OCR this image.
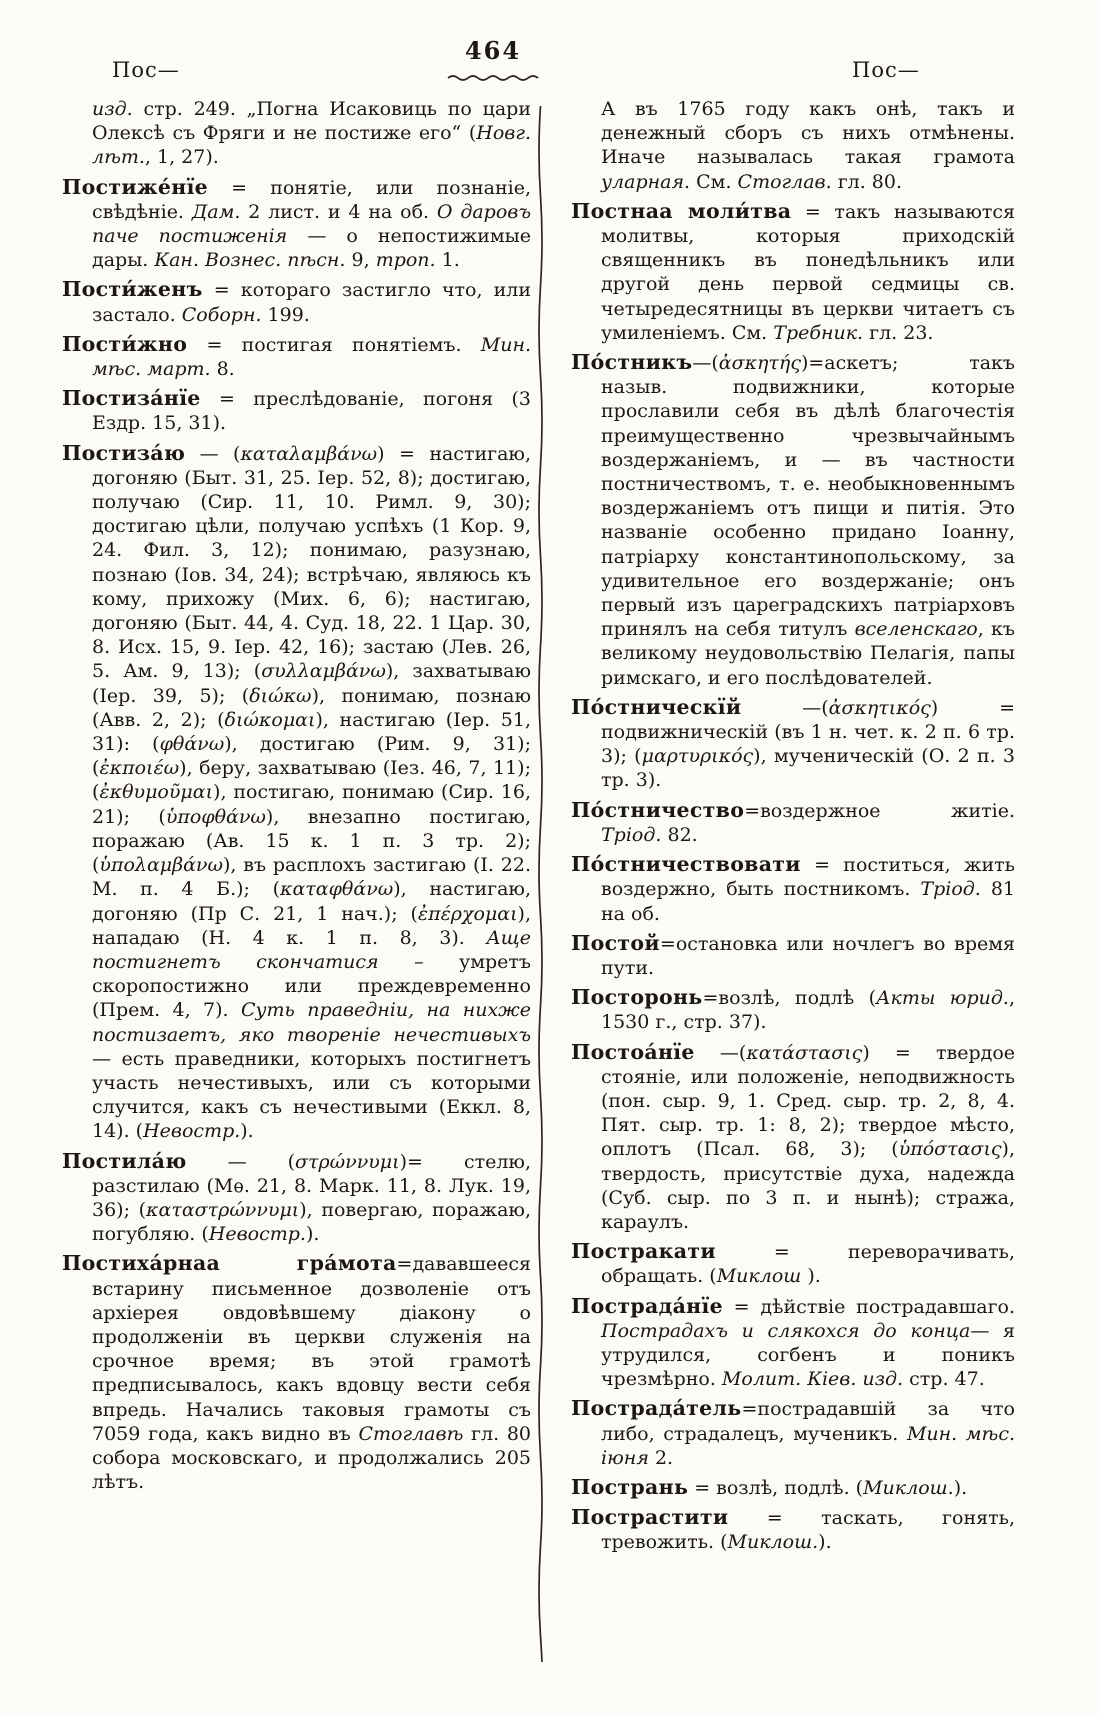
Пос—
464
Пос—

изд. стр. 249. „Погна Исаковиць по цари Олексѣ съ Фряги и не постиже его“ (Новг. лѣт., 1, 27).

Постиже́нїе = понятіе, или познаніе, свѣдѣніе. Дам. 2 лист. и 4 на об. О даровъ паче постиженія — о непостижимые дары. Кан. Вознес. пѣсн. 9, троп. 1.

Пости́женъ = котораго застигло что, или застало. Соборн. 199.

Пости́жно = постигая понятіемъ. Мин. мѣс. март. 8.

Постиза́нїе = преслѣдованіе, погоня (3 Ездр. 15, 31).

Постиза́ю — (καταλαμβάνω) = настигаю, догоняю (Быт. 31, 25. Іер. 52, 8); достигаю, получаю (Сир. 11, 10. Римл. 9, 30); достигаю цѣли, получаю успѣхъ (1 Кор. 9, 24. Фил. 3, 12); понимаю, разузнаю, познаю (Іов. 34, 24); встрѣчаю, являюсь къ кому, прихожу (Мих. 6, 6); настигаю, догоняю (Быт. 44, 4. Суд. 18, 22. 1 Цар. 30, 8. Исх. 15, 9. Іер. 42, 16); застаю (Лев. 26, 5. Ам. 9, 13); (συλλαμβάνω), захватываю (Іер. 39, 5); (διώκω), понимаю, познаю (Авв. 2, 2); (διώκομαι), настигаю (Іер. 51, 31): (φθάνω), достигаю (Рим. 9, 31); (ἐκποιέω), беру, захватываю (Іез. 46, 7, 11); (ἐκθυμοῦμαι), постигаю, понимаю (Сир. 16, 21); (ὑποφθάνω), внезапно постигаю, поражаю (Ав. 15 к. 1 п. 3 тр. 2); (ὑπολαμβάνω), въ расплохъ застигаю (І. 22. М. п. 4 Б.); (καταφθάνω), настигаю, догоняю (Пр С. 21, 1 нач.); (ἐπέρχομαι), нападаю (Н. 4 к. 1 п. 8, 3). Аще постигнетъ скончатися – умретъ скоропостижно или преждевременно (Прем. 4, 7). Суть праведніи, на нихже постизаетъ, яко твореніе нечестивыхъ — есть праведники, которыхъ постигнетъ участь нечестивыхъ, или съ которыми случится, какъ съ нечестивыми (Еккл. 8, 14). (Невостр.).

Постила́ю — (στρώννυμι)= стелю, разстилаю (Мѳ. 21, 8. Марк. 11, 8. Лук. 19, 36); (καταστρώννυμι), повергаю, поражаю, погубляю. (Невостр.).

Постиха́рнаа гра́мота=дававшееся встарину письменное дозволеніе отъ архіерея овдовѣвшему діакону о продолженіи въ церкви служенія на срочное время; въ этой грамотѣ предписывалось, какъ вдовцу вести себя впредь. Начались таковыя грамоты съ 7059 года, какъ видно въ Стоглавѣ гл. 80 собора московскаго, и продолжались 205 лѣтъ.

А въ 1765 году какъ онѣ, такъ и денежный сборъ съ нихъ отмѣнены. Иначе называлась такая грамота уларная. См. Стоглав. гл. 80.

Постнаа моли́тва = такъ называются молитвы, которыя приходскій священникъ въ понедѣльникъ или другой день первой седмицы св. четыредесятницы въ церкви читаетъ съ умиленіемъ. См. Требник. гл. 23.

По́стникъ—(ἀσκητής)=аскетъ; такъ назыв. подвижники, которые прославили себя въ дѣлѣ благочестія преимущественно чрезвычайнымъ воздержаніемъ, и — въ частности постничествомъ, т. е. необыкновеннымъ воздержаніемъ отъ пищи и питія. Это названіе особенно придано Іоанну, патріарху константинопольскому, за удивительное его воздержаніе; онъ первый изъ цареградскихъ патріарховъ принялъ на себя титулъ вселенскаго, къ великому неудовольствію Пелагія, папы римскаго, и его послѣдователей.

По́стническїй —(ἀσκητικός) = подвижническій (въ 1 н. чет. к. 2 п. 6 тр. 3); (μαρτυρικός), мученическій (О. 2 п. 3 тр. 3).

По́стничество=воздержное житіе. Тріод. 82.

По́стничествовати = поститься, жить воздержно, быть постникомъ. Тріод. 81 на об.

Постой=остановка или ночлегъ во время пути.

Посторонь=возлѣ, подлѣ (Акты юрид., 1530 г., стр. 37).

Постоа́нїе —(κατάστασις) = твердое стояніе, или положеніе, неподвижность (пон. сыр. 9, 1. Сред. сыр. тр. 2, 8, 4. Пят. сыр. тр. 1: 8, 2); твердое мѣсто, оплотъ (Псал. 68, 3); (ὑπόστασις), твердость, присутствіе духа, надежда (Суб. сыр. по 3 п. и нынѣ); стража, караулъ.

Постракати = переворачивать, обращать. (Миклош ).

Пострада́нїе = дѣйствіе пострадавшаго. Пострадахъ и слякохся до конца— я утрудился, согбенъ и поникъ чрезмѣрно. Молит. Кіев. изд. стр. 47.

Пострада́тель=пострадавшій за что либо, страдалецъ, мученикъ. Мин. мѣс. іюня 2.

Пострань = возлѣ, подлѣ. (Миклош.).

Пострастити = таскать, гонять, тревожить. (Миклош.).
